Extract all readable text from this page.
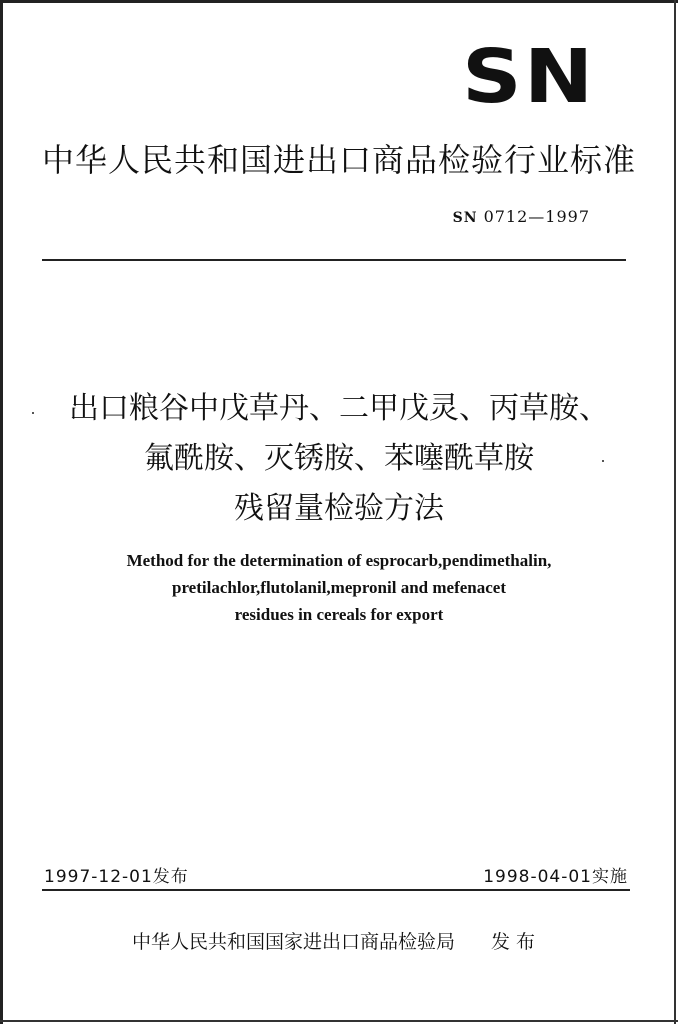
SN
中华人民共和国进出口商品检验行业标准
SN 0712—1997
出口粮谷中戊草丹、二甲戊灵、丙草胺、
氟酰胺、灭锈胺、苯噻酰草胺
残留量检验方法
Method for the determination of esprocarb,pendimethalin,
pretilachlor,flutolanil,mepronil and mefenacet
residues in cereals for export
1997-12-01发布	1998-04-01实施
中华人民共和国国家进出口商品检验局 发 布
